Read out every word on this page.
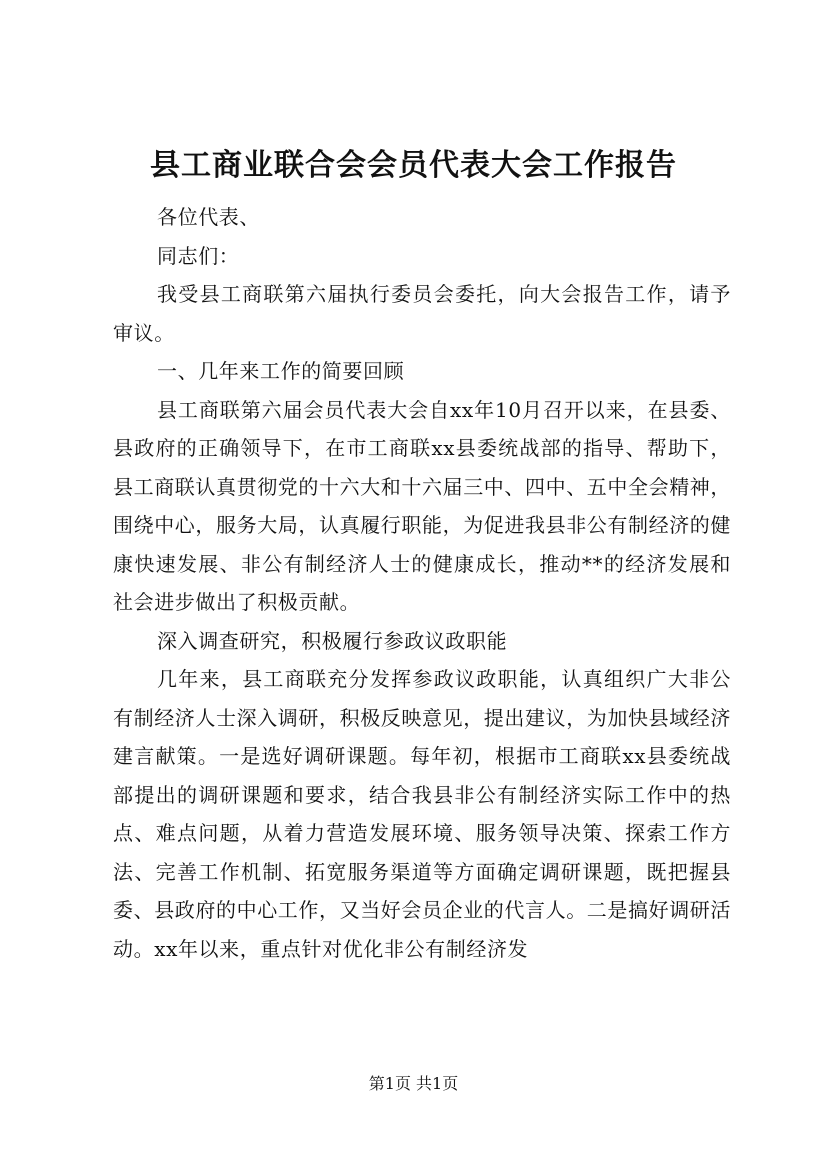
县工商业联合会会员代表大会工作报告

各位代表、

同志们：

我受县工商联第六届执行委员会委托，向大会报告工作，请予审议。

一、几年来工作的简要回顾

县工商联第六届会员代表大会自xx年10月召开以来，在县委、县政府的正确领导下，在市工商联xx县委统战部的指导、帮助下，县工商联认真贯彻党的十六大和十六届三中、四中、五中全会精神，围绕中心，服务大局，认真履行职能，为促进我县非公有制经济的健康快速发展、非公有制经济人士的健康成长，推动**的经济发展和社会进步做出了积极贡献。

深入调查研究，积极履行参政议政职能

几年来，县工商联充分发挥参政议政职能，认真组织广大非公有制经济人士深入调研，积极反映意见，提出建议，为加快县域经济建言献策。一是选好调研课题。每年初，根据市工商联xx县委统战部提出的调研课题和要求，结合我县非公有制经济实际工作中的热点、难点问题，从着力营造发展环境、服务领导决策、探索工作方法、完善工作机制、拓宽服务渠道等方面确定调研课题，既把握县委、县政府的中心工作，又当好会员企业的代言人。二是搞好调研活动。xx年以来，重点针对优化非公有制经济发

第1页 共1页
